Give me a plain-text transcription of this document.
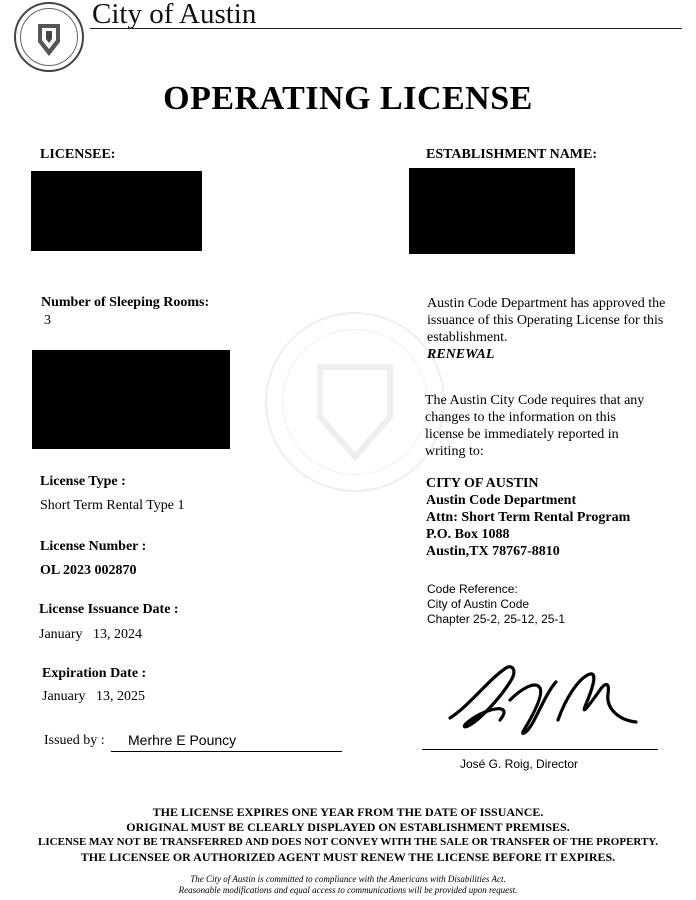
City of Austin
OPERATING LICENSE
LICENSEE:	ESTABLISHMENT NAME:
Number of Sleeping Rooms:
3
Austin Code Department has approved the
issuance of this Operating License for this
establishment.
RENEWAL
The Austin City Code requires that any
changes to the information on this
license be immediately reported in
writing to:
CITY OF AUSTIN
Austin Code Department
Attn: Short Term Rental Program
P.O. Box 1088
Austin,TX 78767-8810
Code Reference:
City of Austin Code
Chapter 25-2, 25-12, 25-1
License Type :
Short Term Rental Type 1
License Number :
OL 2023 002870
License Issuance Date :
January   13, 2024
Expiration Date :
January   13, 2025
Issued by : Merhre E Pouncy
José G. Roig, Director
THE LICENSE EXPIRES ONE YEAR FROM THE DATE OF ISSUANCE.
ORIGINAL MUST BE CLEARLY DISPLAYED ON ESTABLISHMENT PREMISES.
LICENSE MAY NOT BE TRANSFERRED AND DOES NOT CONVEY WITH THE SALE OR TRANSFER OF THE PROPERTY.
THE LICENSEE OR AUTHORIZED AGENT MUST RENEW THE LICENSE BEFORE IT EXPIRES.
The City of Austin is committed to compliance with the Americans with Disabilities Act.
Reasonable modifications and equal access to communications will be provided upon request.
